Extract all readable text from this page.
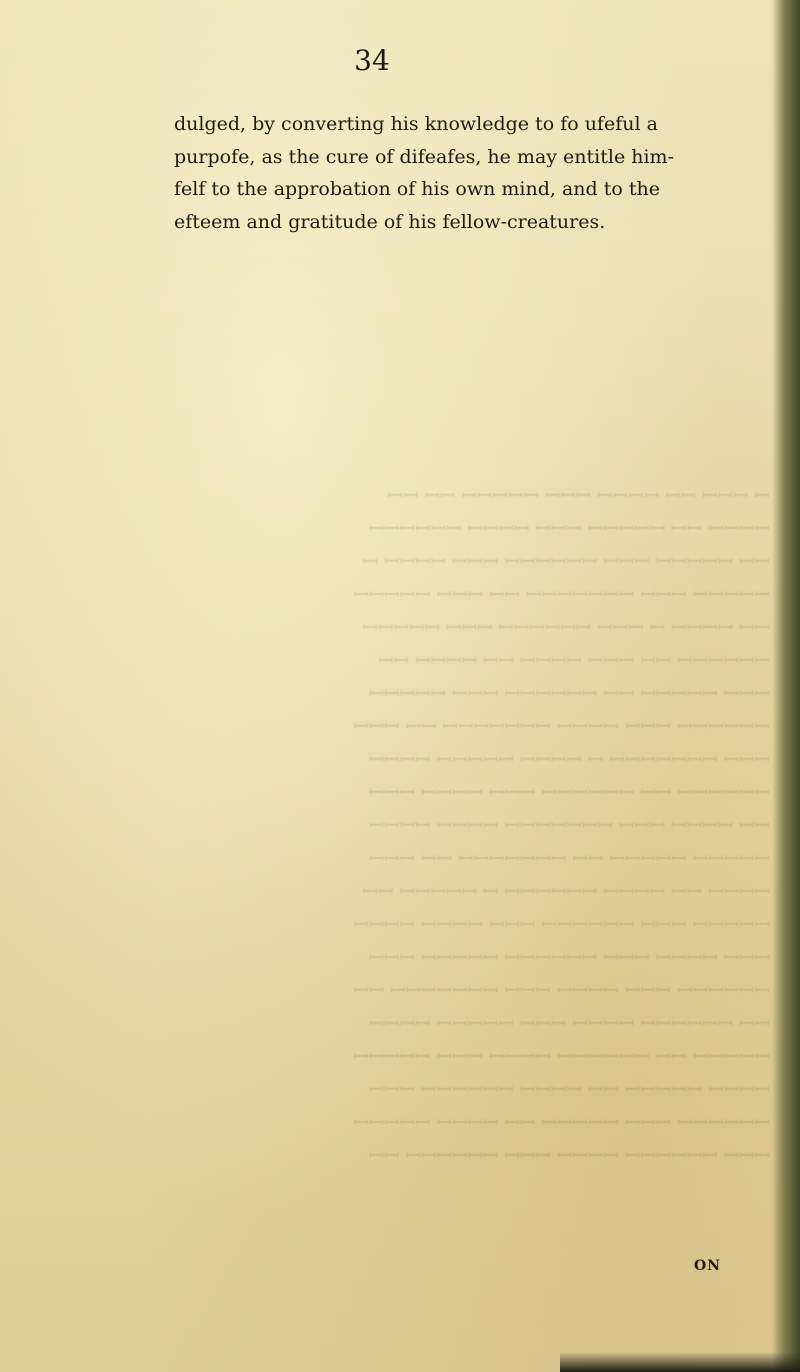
34

dulged, by converting his knowledge to fo ufeful a
purpofe, as the cure of difeafes, he may entitle him-
felf to the approbation of his own mind, and to the
efteem and gratitude of his fellow-creatures.

ꟷ ꟷꟷꟷ ꟷꟷ ꟷꟷꟷꟷ ꟷꟷꟷ ꟷꟷꟷꟷꟷ ꟷꟷ ꟷꟷ
ꟷꟷꟷꟷ ꟷꟷ ꟷꟷꟷꟷꟷ ꟷꟷꟷ ꟷꟷꟷꟷ ꟷꟷꟷꟷꟷꟷ
ꟷꟷ ꟷꟷꟷꟷꟷ ꟷꟷꟷ ꟷꟷꟷꟷꟷꟷ ꟷꟷꟷ ꟷꟷꟷꟷ ꟷ
ꟷꟷꟷꟷꟷ ꟷꟷꟷ ꟷꟷꟷꟷꟷꟷꟷ ꟷꟷ ꟷꟷꟷ ꟷꟷꟷꟷꟷ
ꟷꟷ ꟷꟷꟷꟷ ꟷ ꟷꟷꟷ ꟷꟷꟷꟷꟷꟷ ꟷꟷꟷ ꟷꟷꟷꟷꟷ
ꟷꟷꟷꟷꟷꟷ ꟷꟷ ꟷꟷꟷ ꟷꟷꟷꟷ ꟷꟷ ꟷꟷꟷꟷ ꟷꟷ
ꟷꟷꟷ ꟷꟷꟷꟷꟷ ꟷꟷ ꟷꟷꟷꟷꟷꟷ ꟷꟷꟷ ꟷꟷꟷꟷꟷ
ꟷꟷꟷꟷꟷꟷ ꟷꟷꟷ ꟷꟷꟷꟷ ꟷꟷꟷꟷꟷꟷꟷ ꟷꟷ ꟷꟷꟷ
ꟷꟷꟷ ꟷꟷꟷꟷꟷꟷꟷ ꟷ ꟷꟷꟷꟷ ꟷꟷꟷꟷꟷ ꟷꟷꟷꟷ
ꟷꟷꟷꟷꟷꟷ ꟷꟷ ꟷꟷꟷꟷꟷꟷ ꟷꟷꟷ ꟷꟷꟷꟷ ꟷꟷꟷ
ꟷꟷ ꟷꟷꟷꟷ ꟷꟷꟷ ꟷꟷꟷꟷꟷꟷꟷ ꟷꟷꟷꟷ ꟷꟷꟷꟷ
ꟷꟷꟷꟷꟷ ꟷꟷꟷꟷꟷ ꟷꟷ ꟷꟷꟷꟷꟷꟷꟷ ꟷꟷ ꟷꟷꟷ
ꟷꟷꟷꟷ ꟷꟷ ꟷꟷꟷꟷ ꟷꟷꟷꟷꟷꟷ ꟷ ꟷꟷꟷꟷꟷ ꟷꟷ
ꟷꟷꟷꟷꟷ ꟷꟷꟷ ꟷꟷꟷꟷꟷꟷ ꟷꟷꟷ ꟷꟷꟷꟷ ꟷꟷꟷꟷ
ꟷꟷꟷ ꟷꟷꟷꟷ ꟷꟷꟷ ꟷꟷꟷꟷꟷꟷ ꟷꟷꟷꟷꟷ ꟷꟷꟷ
ꟷꟷꟷꟷꟷꟷ ꟷꟷꟷ ꟷꟷꟷꟷ ꟷꟷꟷ ꟷꟷꟷꟷꟷꟷꟷ ꟷꟷ
ꟷꟷ ꟷꟷꟷꟷꟷꟷ ꟷꟷꟷꟷ ꟷꟷꟷ ꟷꟷꟷꟷꟷ ꟷꟷꟷꟷ
ꟷꟷꟷꟷꟷ ꟷꟷ ꟷꟷꟷꟷꟷꟷ ꟷꟷꟷꟷ ꟷꟷꟷ ꟷꟷꟷꟷꟷ
ꟷꟷꟷꟷ ꟷꟷꟷꟷꟷ ꟷꟷ ꟷꟷꟷꟷ ꟷꟷꟷꟷꟷꟷ ꟷꟷꟷ
ꟷꟷꟷꟷꟷꟷ ꟷꟷꟷ ꟷꟷꟷꟷꟷ ꟷꟷ ꟷꟷꟷꟷ ꟷꟷꟷꟷꟷ
ꟷꟷꟷ ꟷꟷꟷꟷꟷꟷ ꟷꟷꟷꟷ ꟷꟷꟷ ꟷꟷꟷꟷꟷꟷ ꟷꟷ
ON
